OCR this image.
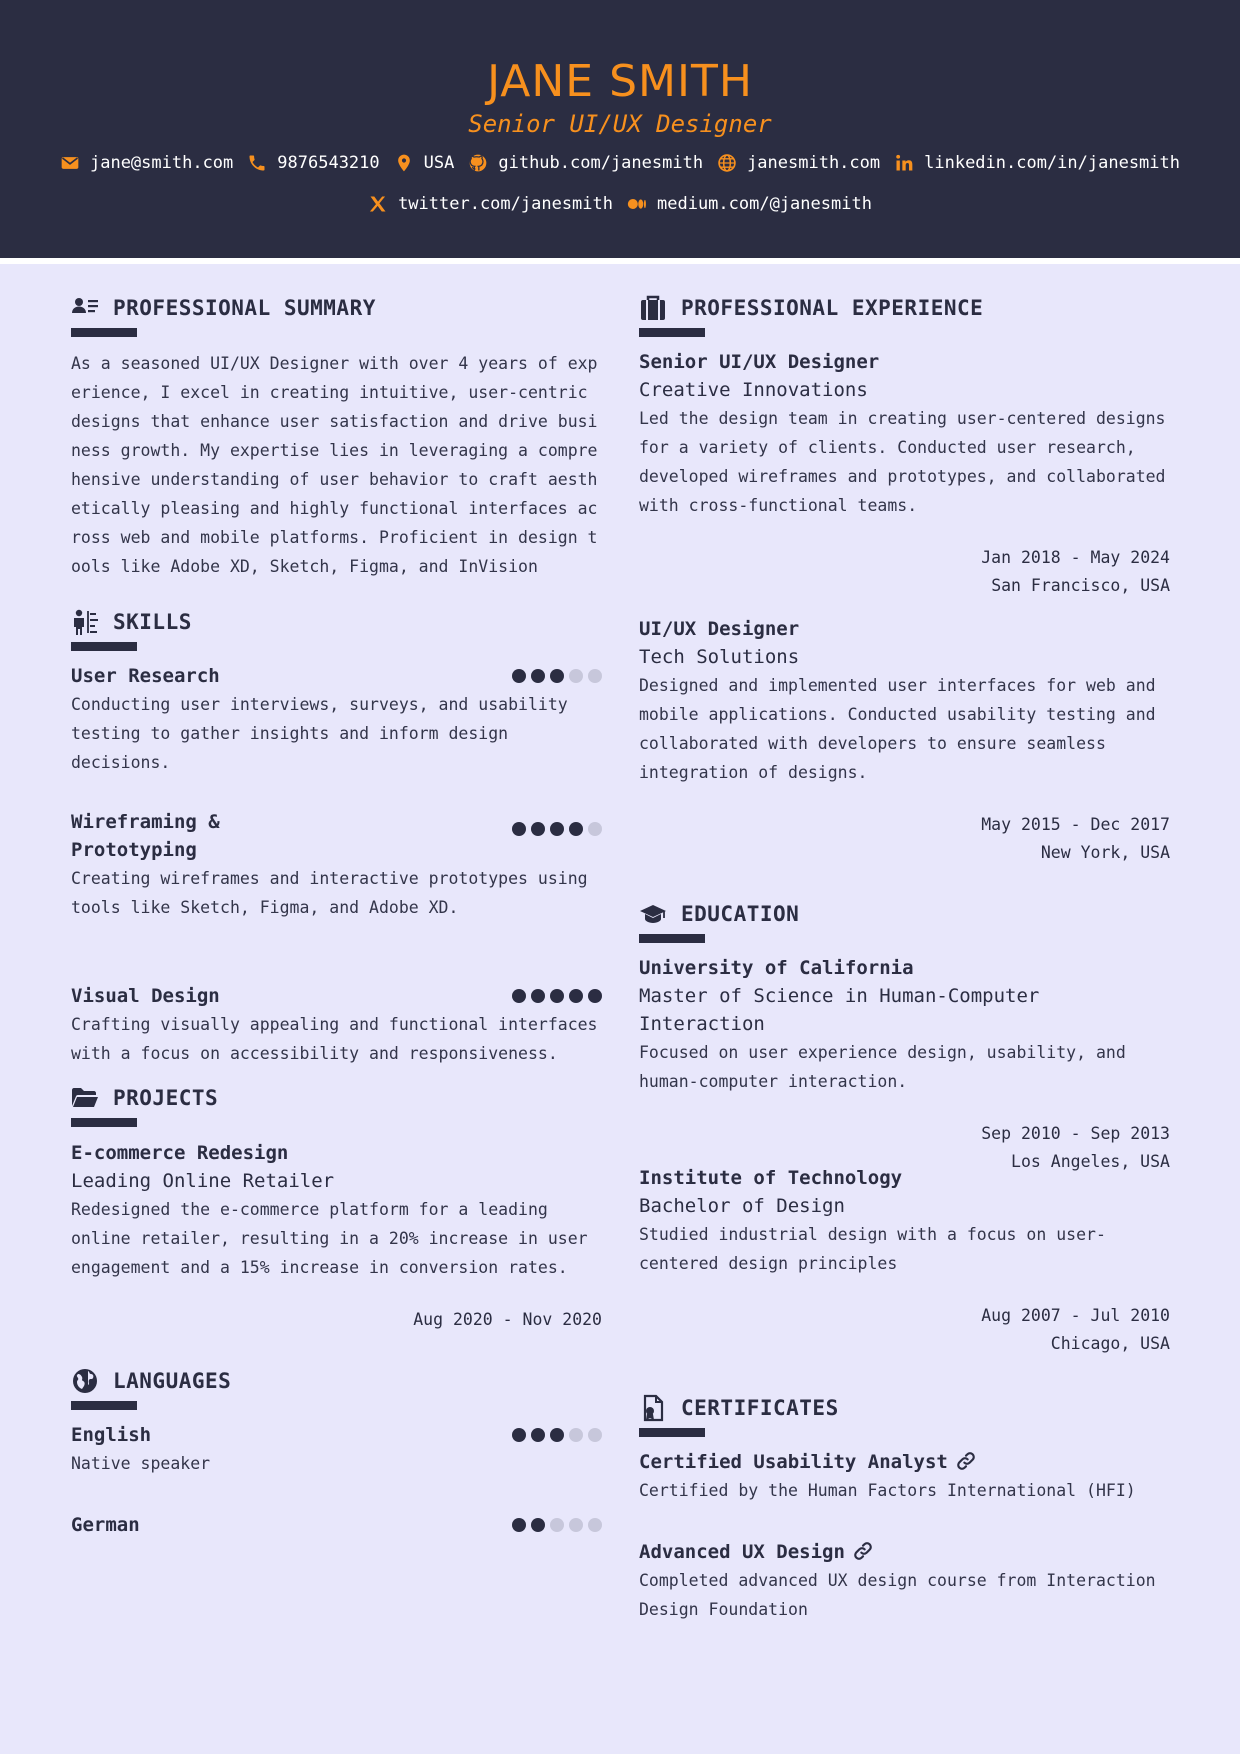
JANE SMITH
Senior UI/UX Designer
jane@smith.com	9876543210	USA	github.com/janesmith	janesmith.com	linkedin.com/in/janesmith
twitter.com/janesmith	medium.com/@janesmith
PROFESSIONAL SUMMARY
As a seasoned UI/UX Designer with over 4 years of exp
erience, I excel in creating intuitive, user-centric
designs that enhance user satisfaction and drive busi
ness growth. My expertise lies in leveraging a compre
hensive understanding of user behavior to craft aesth
etically pleasing and highly functional interfaces ac
ross web and mobile platforms. Proficient in design t
ools like Adobe XD, Sketch, Figma, and InVision
SKILLS
User Research
Conducting user interviews, surveys, and usability testing to gather insights and inform design decisions.
Wireframing & Prototyping
Creating wireframes and interactive prototypes using tools like Sketch, Figma, and Adobe XD.
Visual Design
Crafting visually appealing and functional interfaces with a focus on accessibility and responsiveness.
PROJECTS
E-commerce Redesign
Leading Online Retailer
Redesigned the e-commerce platform for a leading online retailer, resulting in a 20% increase in user engagement and a 15% increase in conversion rates.
Aug 2020 - Nov 2020
LANGUAGES
English
Native speaker
German
PROFESSIONAL EXPERIENCE
Senior UI/UX Designer
Creative Innovations
Led the design team in creating user-centered designs for a variety of clients. Conducted user research, developed wireframes and prototypes, and collaborated with cross-functional teams.
Jan 2018 - May 2024
San Francisco, USA
UI/UX Designer
Tech Solutions
Designed and implemented user interfaces for web and mobile applications. Conducted usability testing and collaborated with developers to ensure seamless integration of designs.
May 2015 - Dec 2017
New York, USA
EDUCATION
University of California
Master of Science in Human-Computer Interaction
Focused on user experience design, usability, and human-computer interaction.
Sep 2010 - Sep 2013
Los Angeles, USA
Institute of Technology
Bachelor of Design
Studied industrial design with a focus on user-centered design principles
Aug 2007 - Jul 2010
Chicago, USA
CERTIFICATES
Certified Usability Analyst
Certified by the Human Factors International (HFI)
Advanced UX Design
Completed advanced UX design course from Interaction Design Foundation
